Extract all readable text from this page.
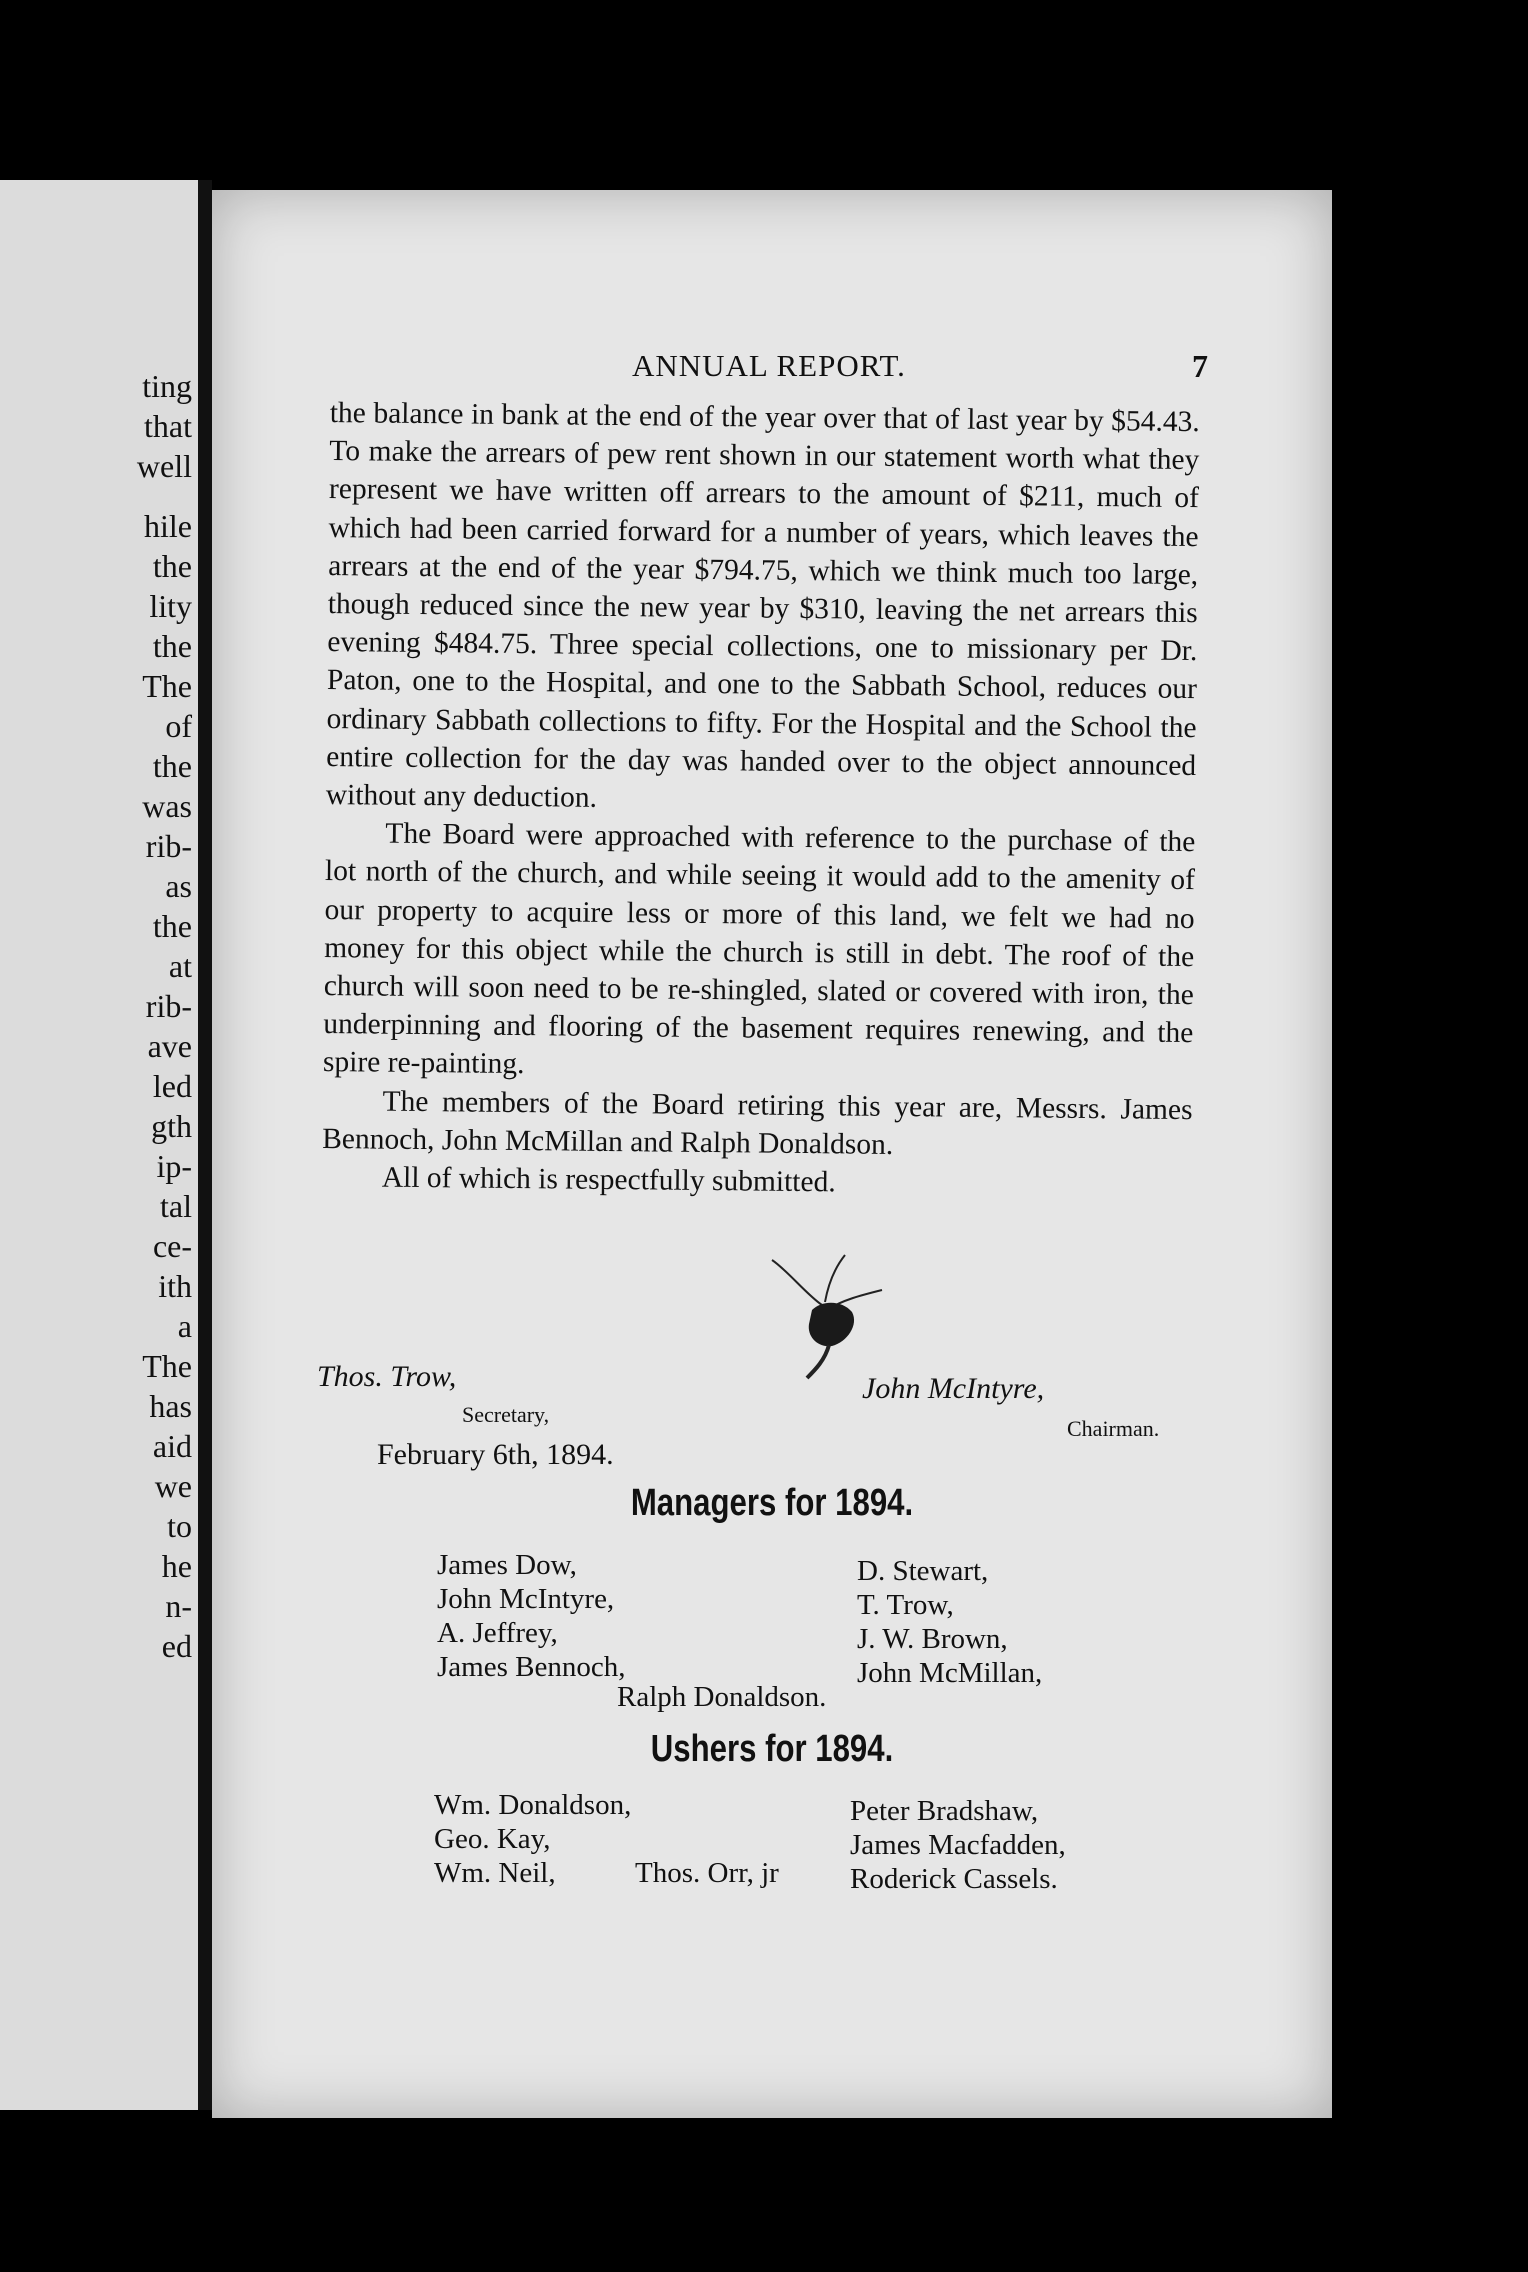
ting
that
well
hile
the
lity
the
The
of
the
was
rib-
as
the
at
rib-
ave
led
gth
ip-
tal
ce-
ith
a
The
has
aid
we
to
he
n-
ed
ANNUAL REPORT.	7

the balance in bank at the end of the year over that of last year by $54.43. To make the arrears of pew rent shown in our statement worth what they represent we have written off arrears to the amount of $211, much of which had been carried forward for a number of years, which leaves the arrears at the end of the year $794.75, which we think much too large, though reduced since the new year by $310, leaving the net arrears this evening $484.75. Three special collections, one to missionary per Dr. Paton, one to the Hospital, and one to the Sabbath School, reduces our ordinary Sabbath collections to fifty. For the Hospital and the School the entire collection for the day was handed over to the object announced without any deduction.

The Board were approached with reference to the purchase of the lot north of the church, and while seeing it would add to the amenity of our property to acquire less or more of this land, we felt we had no money for this object while the church is still in debt. The roof of the church will soon need to be re-shingled, slated or covered with iron, the underpinning and flooring of the basement requires renewing, and the spire re-painting.

The members of the Board retiring this year are, Messrs. James Bennoch, John McMillan and Ralph Donaldson.

All of which is respectfully submitted.

Thos. Trow,
Secretary,
John McIntyre,
Chairman.
February 6th, 1894.
Managers for 1894.
James Dow,
John McIntyre,
A. Jeffrey,
James Bennoch,
D. Stewart,
T. Trow,
J. W. Brown,
John McMillan,
Ralph Donaldson.
Ushers for 1894.
Wm. Donaldson,
Geo. Kay,
Wm. Neil,	Thos. Orr, jr
Peter Bradshaw,
James Macfadden,
Roderick Cassels.
